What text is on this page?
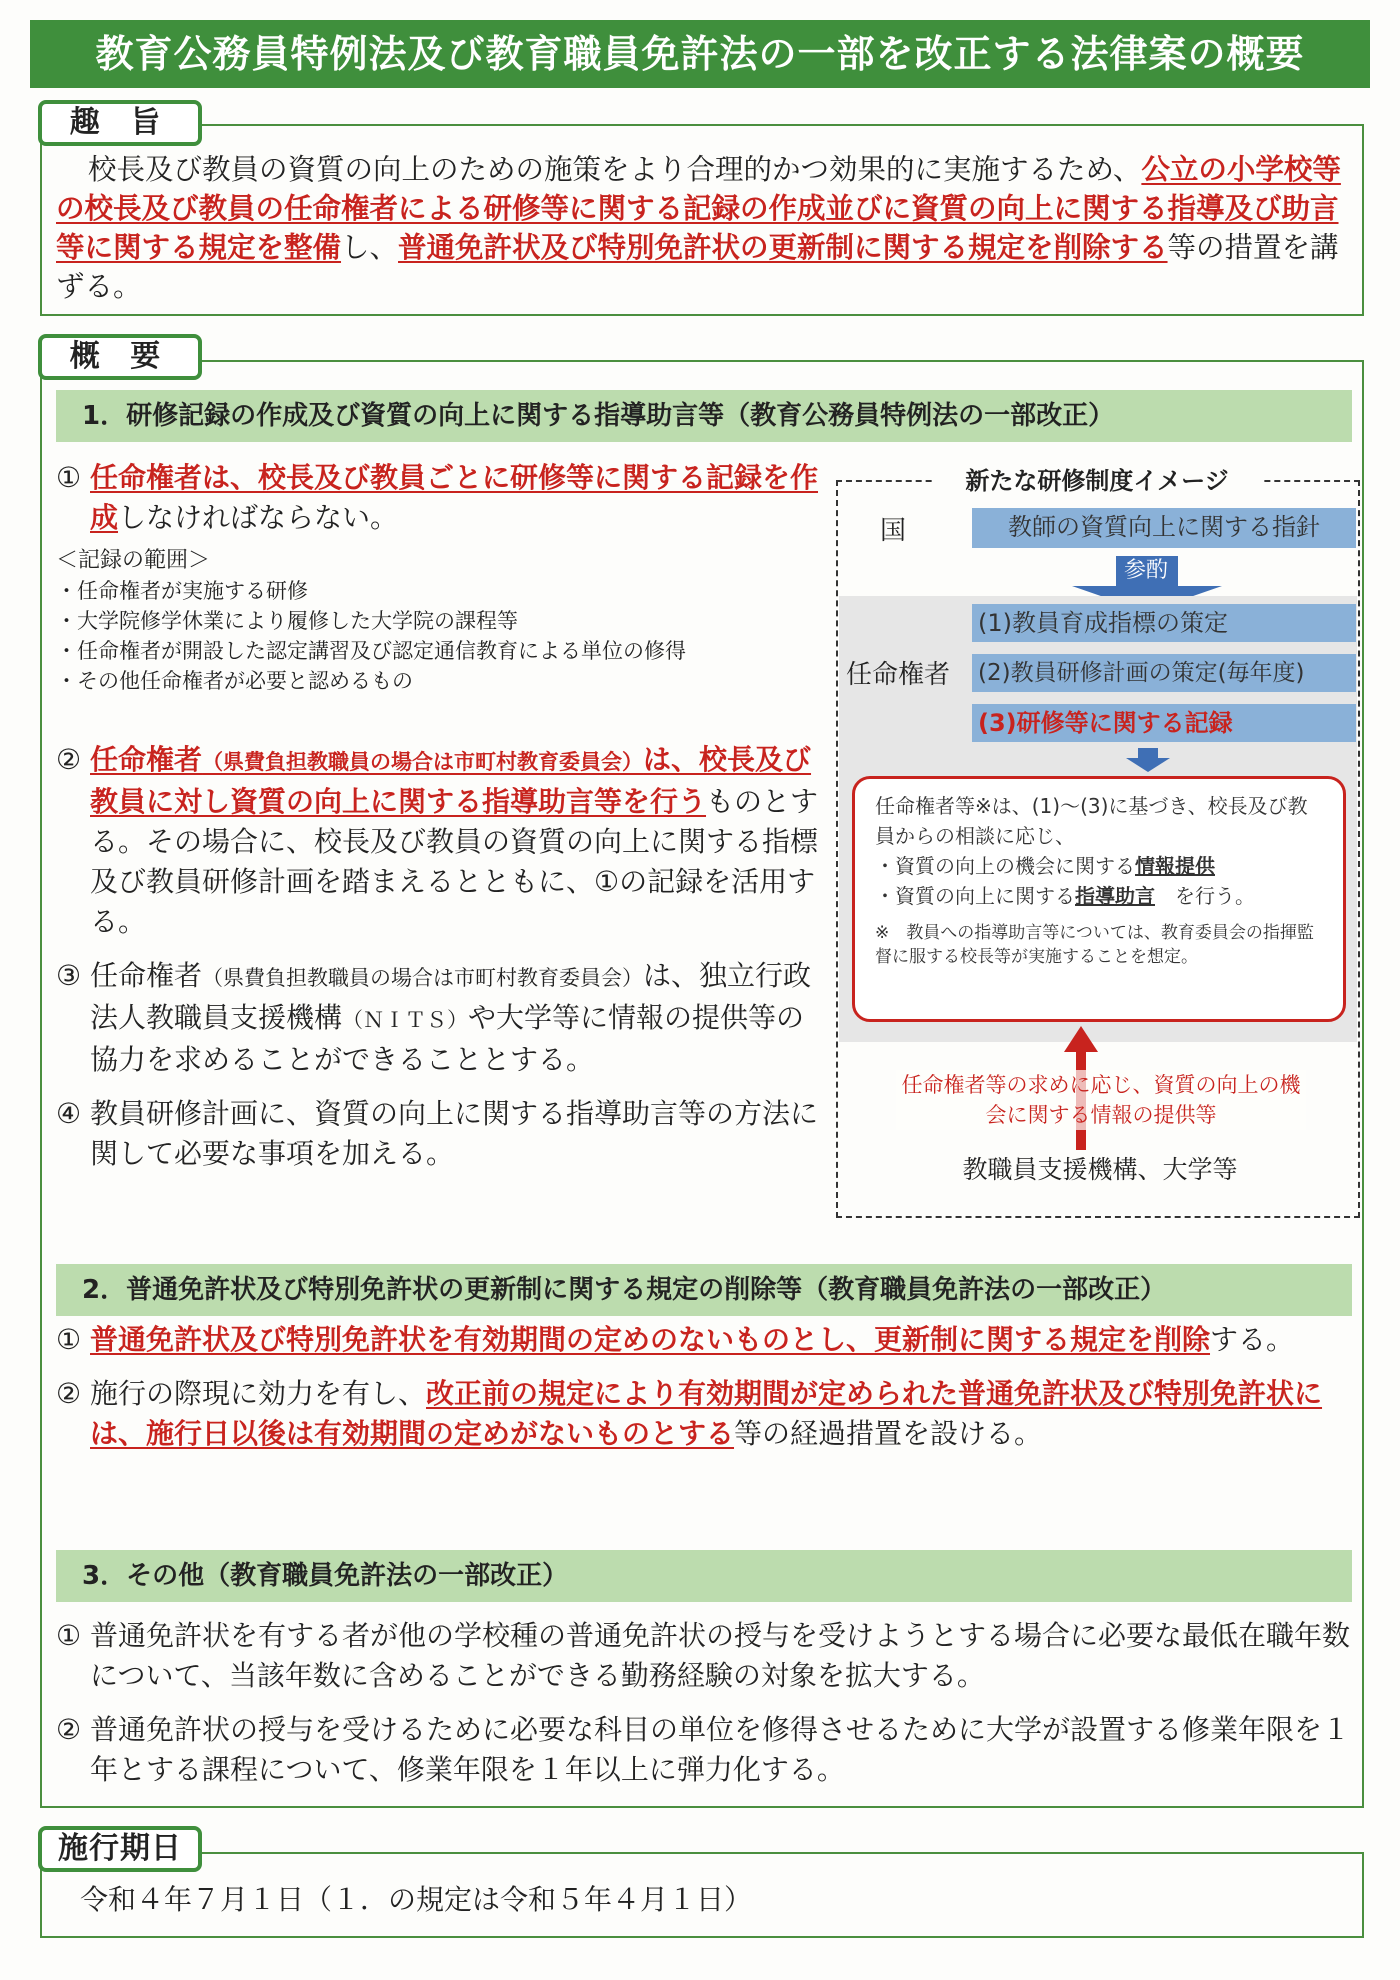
教育公務員特例法及び教育職員免許法の一部を改正する法律案の概要
趣 旨
校長及び教員の資質の向上のための施策をより合理的かつ効果的に実施するため、公立の小学校等の校長及び教員の任命権者による研修等に関する記録の作成並びに資質の向上に関する指導及び助言等に関する規定を整備し、普通免許状及び特別免許状の更新制に関する規定を削除する等の措置を講ずる。
概 要
1．研修記録の作成及び資質の向上に関する指導助言等（教育公務員特例法の一部改正）
① 任命権者は、校長及び教員ごとに研修等に関する記録を作成しなければならない。
＜記録の範囲＞
・任命権者が実施する研修
・大学院修学休業により履修した大学院の課程等
・任命権者が開設した認定講習及び認定通信教育による単位の修得
・その他任命権者が必要と認めるもの
② 任命権者（県費負担教職員の場合は市町村教育委員会）は、校長及び教員に対し資質の向上に関する指導助言等を行うものとする。その場合に、校長及び教員の資質の向上に関する指標及び教員研修計画を踏まえるとともに、①の記録を活用する。
③ 任命権者（県費負担教職員の場合は市町村教育委員会）は、独立行政法人教職員支援機構（ＮＩＴＳ）や大学等に情報の提供等の協力を求めることができることとする。
④ 教員研修計画に、資質の向上に関する指導助言等の方法に関して必要な事項を加える。
新たな研修制度イメージ
国	教師の資質向上に関する指針
参酌
任命権者
(1)教員育成指標の策定
(2)教員研修計画の策定(毎年度)
(3)研修等に関する記録
任命権者等※は、(1)～(3)に基づき、校長及び教員からの相談に応じ、
・資質の向上の機会に関する情報提供
・資質の向上に関する指導助言　を行う。
※　教員への指導助言等については、教育委員会の指揮監督に服する校長等が実施することを想定。
任命権者等の求めに応じ、資質の向上の機会に関する情報の提供等
教職員支援機構、大学等
2．普通免許状及び特別免許状の更新制に関する規定の削除等（教育職員免許法の一部改正）
① 普通免許状及び特別免許状を有効期間の定めのないものとし、更新制に関する規定を削除する。
② 施行の際現に効力を有し、改正前の規定により有効期間が定められた普通免許状及び特別免許状には、施行日以後は有効期間の定めがないものとする等の経過措置を設ける。
3．その他（教育職員免許法の一部改正）
① 普通免許状を有する者が他の学校種の普通免許状の授与を受けようとする場合に必要な最低在職年数について、当該年数に含めることができる勤務経験の対象を拡大する。
② 普通免許状の授与を受けるために必要な科目の単位を修得させるために大学が設置する修業年限を１年とする課程について、修業年限を１年以上に弾力化する。
施行期日
令和４年７月１日（１．の規定は令和５年４月１日）
